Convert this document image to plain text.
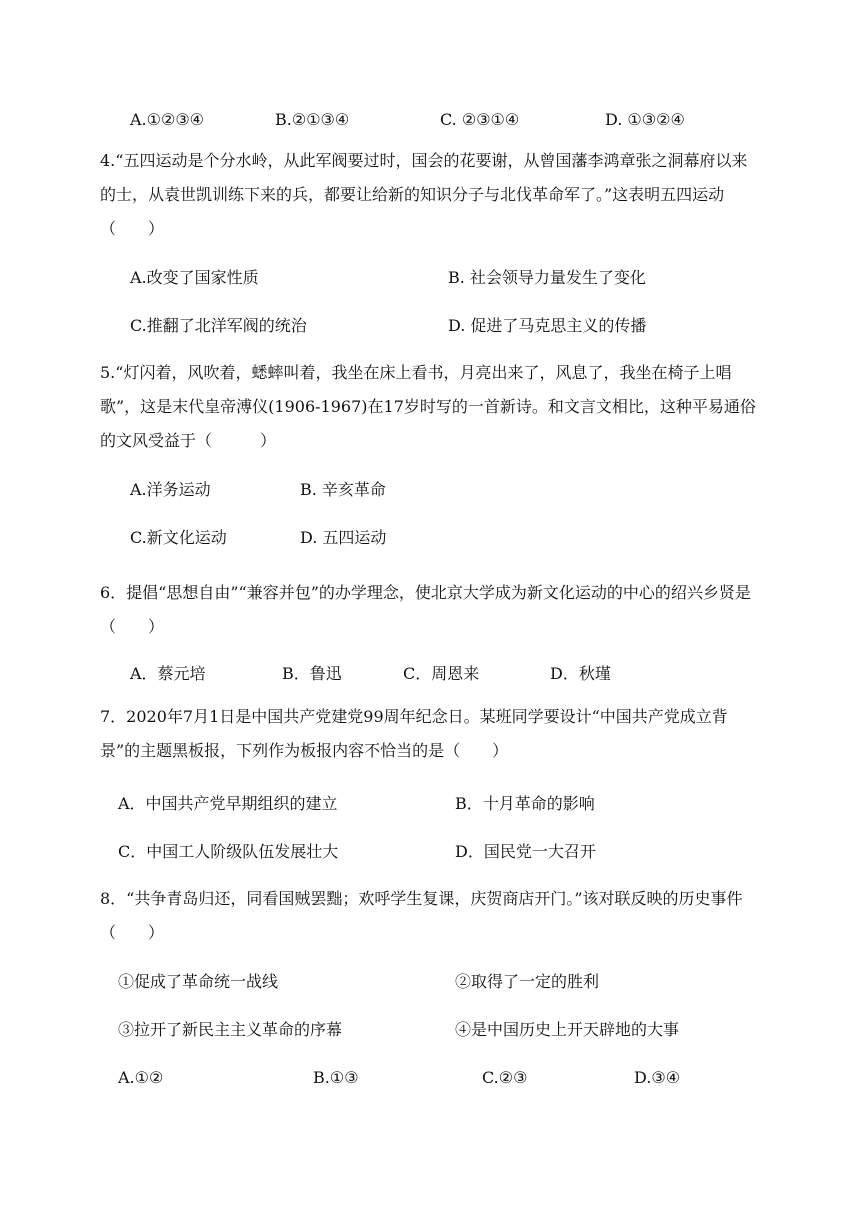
A.①②③④	B.②①③④	C. ②③①④	D. ①③②④
4.“五四运动是个分水岭，从此军阀要过时，国会的花要谢，从曾国藩李鸿章张之洞幕府以来的士，从袁世凯训练下来的兵，都要让给新的知识分子与北伐革命军了。”这表明五四运动（　　）
A.改变了国家性质	B. 社会领导力量发生了变化
C.推翻了北洋军阀的统治	D. 促进了马克思主义的传播
5.“灯闪着，风吹着，蟋蟀叫着，我坐在床上看书，月亮出来了，风息了，我坐在椅子上唱歌”，这是末代皇帝溥仪(1906-1967)在17岁时写的一首新诗。和文言文相比，这种平易通俗的文风受益于（　　　）
A.洋务运动	B. 辛亥革命
C.新文化运动	D. 五四运动
6．提倡“思想自由”“兼容并包”的办学理念，使北京大学成为新文化运动的中心的绍兴乡贤是（　　）
A．蔡元培	B．鲁迅	C．周恩来	D．秋瑾
7．2020年7月1日是中国共产党建党99周年纪念日。某班同学要设计“中国共产党成立背景”的主题黑板报，下列作为板报内容不恰当的是（　　）
A．中国共产党早期组织的建立	B．十月革命的影响
C．中国工人阶级队伍发展壮大	D．国民党一大召开
8．“共争青岛归还，同看国贼罢黜；欢呼学生复课，庆贺商店开门。”该对联反映的历史事件（　　）
①促成了革命统一战线	②取得了一定的胜利
③拉开了新民主主义革命的序幕	④是中国历史上开天辟地的大事
A.①②	B.①③	C.②③	D.③④
